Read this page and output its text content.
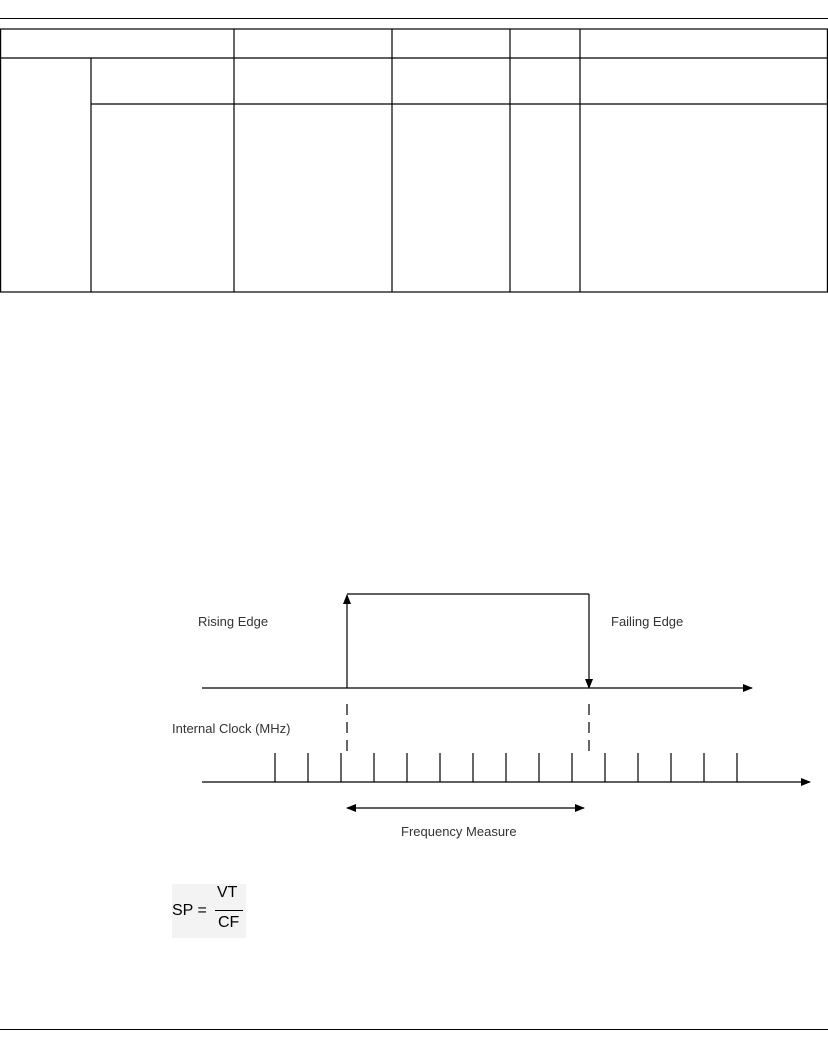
Rising Edge	Failing Edge
Internal Clock (MHz)
Frequency Measure
SP =
VT
CF
